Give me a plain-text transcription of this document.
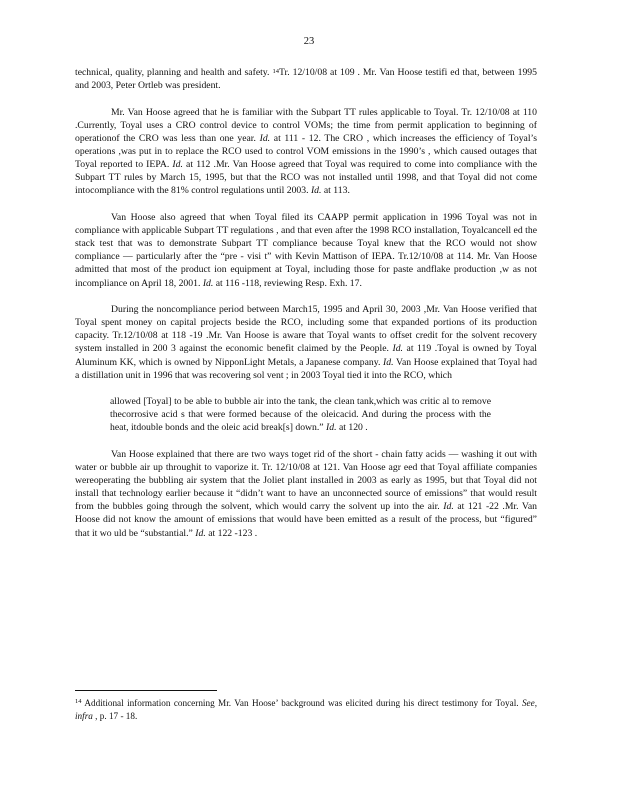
23

technical, quality, planning and health and safety. $^{14}$Tr. 12/10/08 at 109 . Mr. Van Hoose testifi ed that, between 1995 and 2003, Peter Ortleb was president.

Mr. Van Hoose agreed that he is familiar with the Subpart TT rules applicable to Toyal. Tr. 12/10/08 at 110 .Currently, Toyal uses a CRO control device to control VOMs; the time from permit application to beginning of operationof the CRO was less than one year. Id. at 111 - 12. The CRO , which increases the efficiency of Toyal’s operations ,was put in to replace the RCO used to control VOM emissions in the 1990’s , which caused outages that Toyal reported to IEPA. Id. at 112 .Mr. Van Hoose agreed that Toyal was required to come into compliance with the Subpart TT rules by March 15, 1995, but that the RCO was not installed until 1998, and that Toyal did not come intocompliance with the 81% control regulations until 2003. Id. at 113.

Van Hoose also agreed that when Toyal filed its CAAPP permit application in 1996 Toyal was not in compliance with applicable Subpart TT regulations , and that even after the 1998 RCO installation, Toyalcancell ed the stack test that was to demonstrate Subpart TT compliance because Toyal knew that the RCO would not show compliance — particularly after the “pre - visi t” with Kevin Mattison of IEPA. Tr.12/10/08 at 114. Mr. Van Hoose admitted that most of the product ion equipment at Toyal, including those for paste andflake production ,w as not incompliance on April 18, 2001. Id. at 116 -118, reviewing Resp. Exh. 17.

During the noncompliance period between March15, 1995 and April 30, 2003 ,Mr. Van Hoose verified that Toyal spent money on capital projects beside the RCO, including some that expanded portions of its production capacity. Tr.12/10/08 at 118 -19 .Mr. Van Hoose is aware that Toyal wants to offset credit for the solvent recovery system installed in 200 3 against the economic benefit claimed by the People. Id. at 119 .Toyal is owned by Toyal Aluminum KK, which is owned by NipponLight Metals, a Japanese company. Id. Van Hoose explained that Toyal had a distillation unit in 1996 that was recovering sol vent ; in 2003 Toyal tied it into the RCO, which

allowed [Toyal] to be able to bubble air into the tank, the clean tank,which was critic al to remove thecorrosive acid s that were formed because of the oleicacid. And during the process with the heat, itdouble bonds and the oleic acid break[s] down.” Id. at 120 .

Van Hoose explained that there are two ways toget rid of the short - chain fatty acids — washing it out with water or bubble air up throughit to vaporize it. Tr. 12/10/08 at 121. Van Hoose agr eed that Toyal affiliate companies wereoperating the bubbling air system that the Joliet plant installed in 2003 as early as 1995, but that Toyal did not install that technology earlier because it “didn’t want to have an unconnected source of emissions” that would result from the bubbles going through the solvent, which would carry the solvent up into the air. Id. at 121 -22 .Mr. Van Hoose did not know the amount of emissions that would have been emitted as a result of the process, but “figured” that it wo uld be “substantial.” Id. at 122 -123 .

$^{14}$ Additional information concerning Mr. Van Hoose’ background was elicited during his direct testimony for Toyal. See, infra , p. 17 - 18.
